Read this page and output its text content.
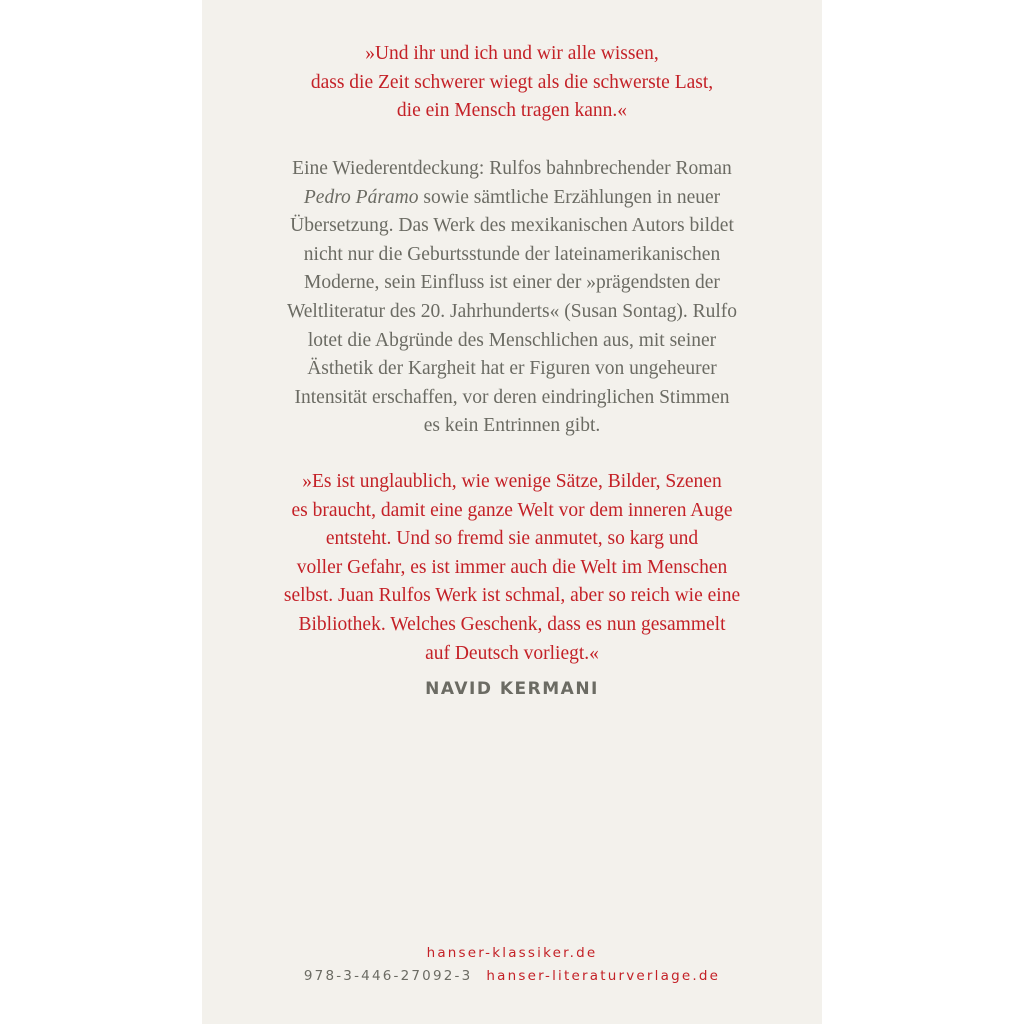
»Und ihr und ich und wir alle wissen,
dass die Zeit schwerer wiegt als die schwerste Last,
die ein Mensch tragen kann.«
Eine Wiederentdeckung: Rulfos bahnbrechender Roman
Pedro Páramo sowie sämtliche Erzählungen in neuer
Übersetzung. Das Werk des mexikanischen Autors bildet
nicht nur die Geburtsstunde der lateinamerikanischen
Moderne, sein Einfluss ist einer der »prägendsten der
Weltliteratur des 20. Jahrhunderts« (Susan Sontag). Rulfo
lotet die Abgründe des Menschlichen aus, mit seiner
Ästhetik der Kargheit hat er Figuren von ungeheurer
Intensität erschaffen, vor deren eindringlichen Stimmen
es kein Entrinnen gibt.
»Es ist unglaublich, wie wenige Sätze, Bilder, Szenen
es braucht, damit eine ganze Welt vor dem inneren Auge
entsteht. Und so fremd sie anmutet, so karg und
voller Gefahr, es ist immer auch die Welt im Menschen
selbst. Juan Rulfos Werk ist schmal, aber so reich wie eine
Bibliothek. Welches Geschenk, dass es nun gesammelt
auf Deutsch vorliegt.«
NAVID KERMANI
hanser-klassiker.de
978-3-446-27092-3 hanser-literaturverlage.de
